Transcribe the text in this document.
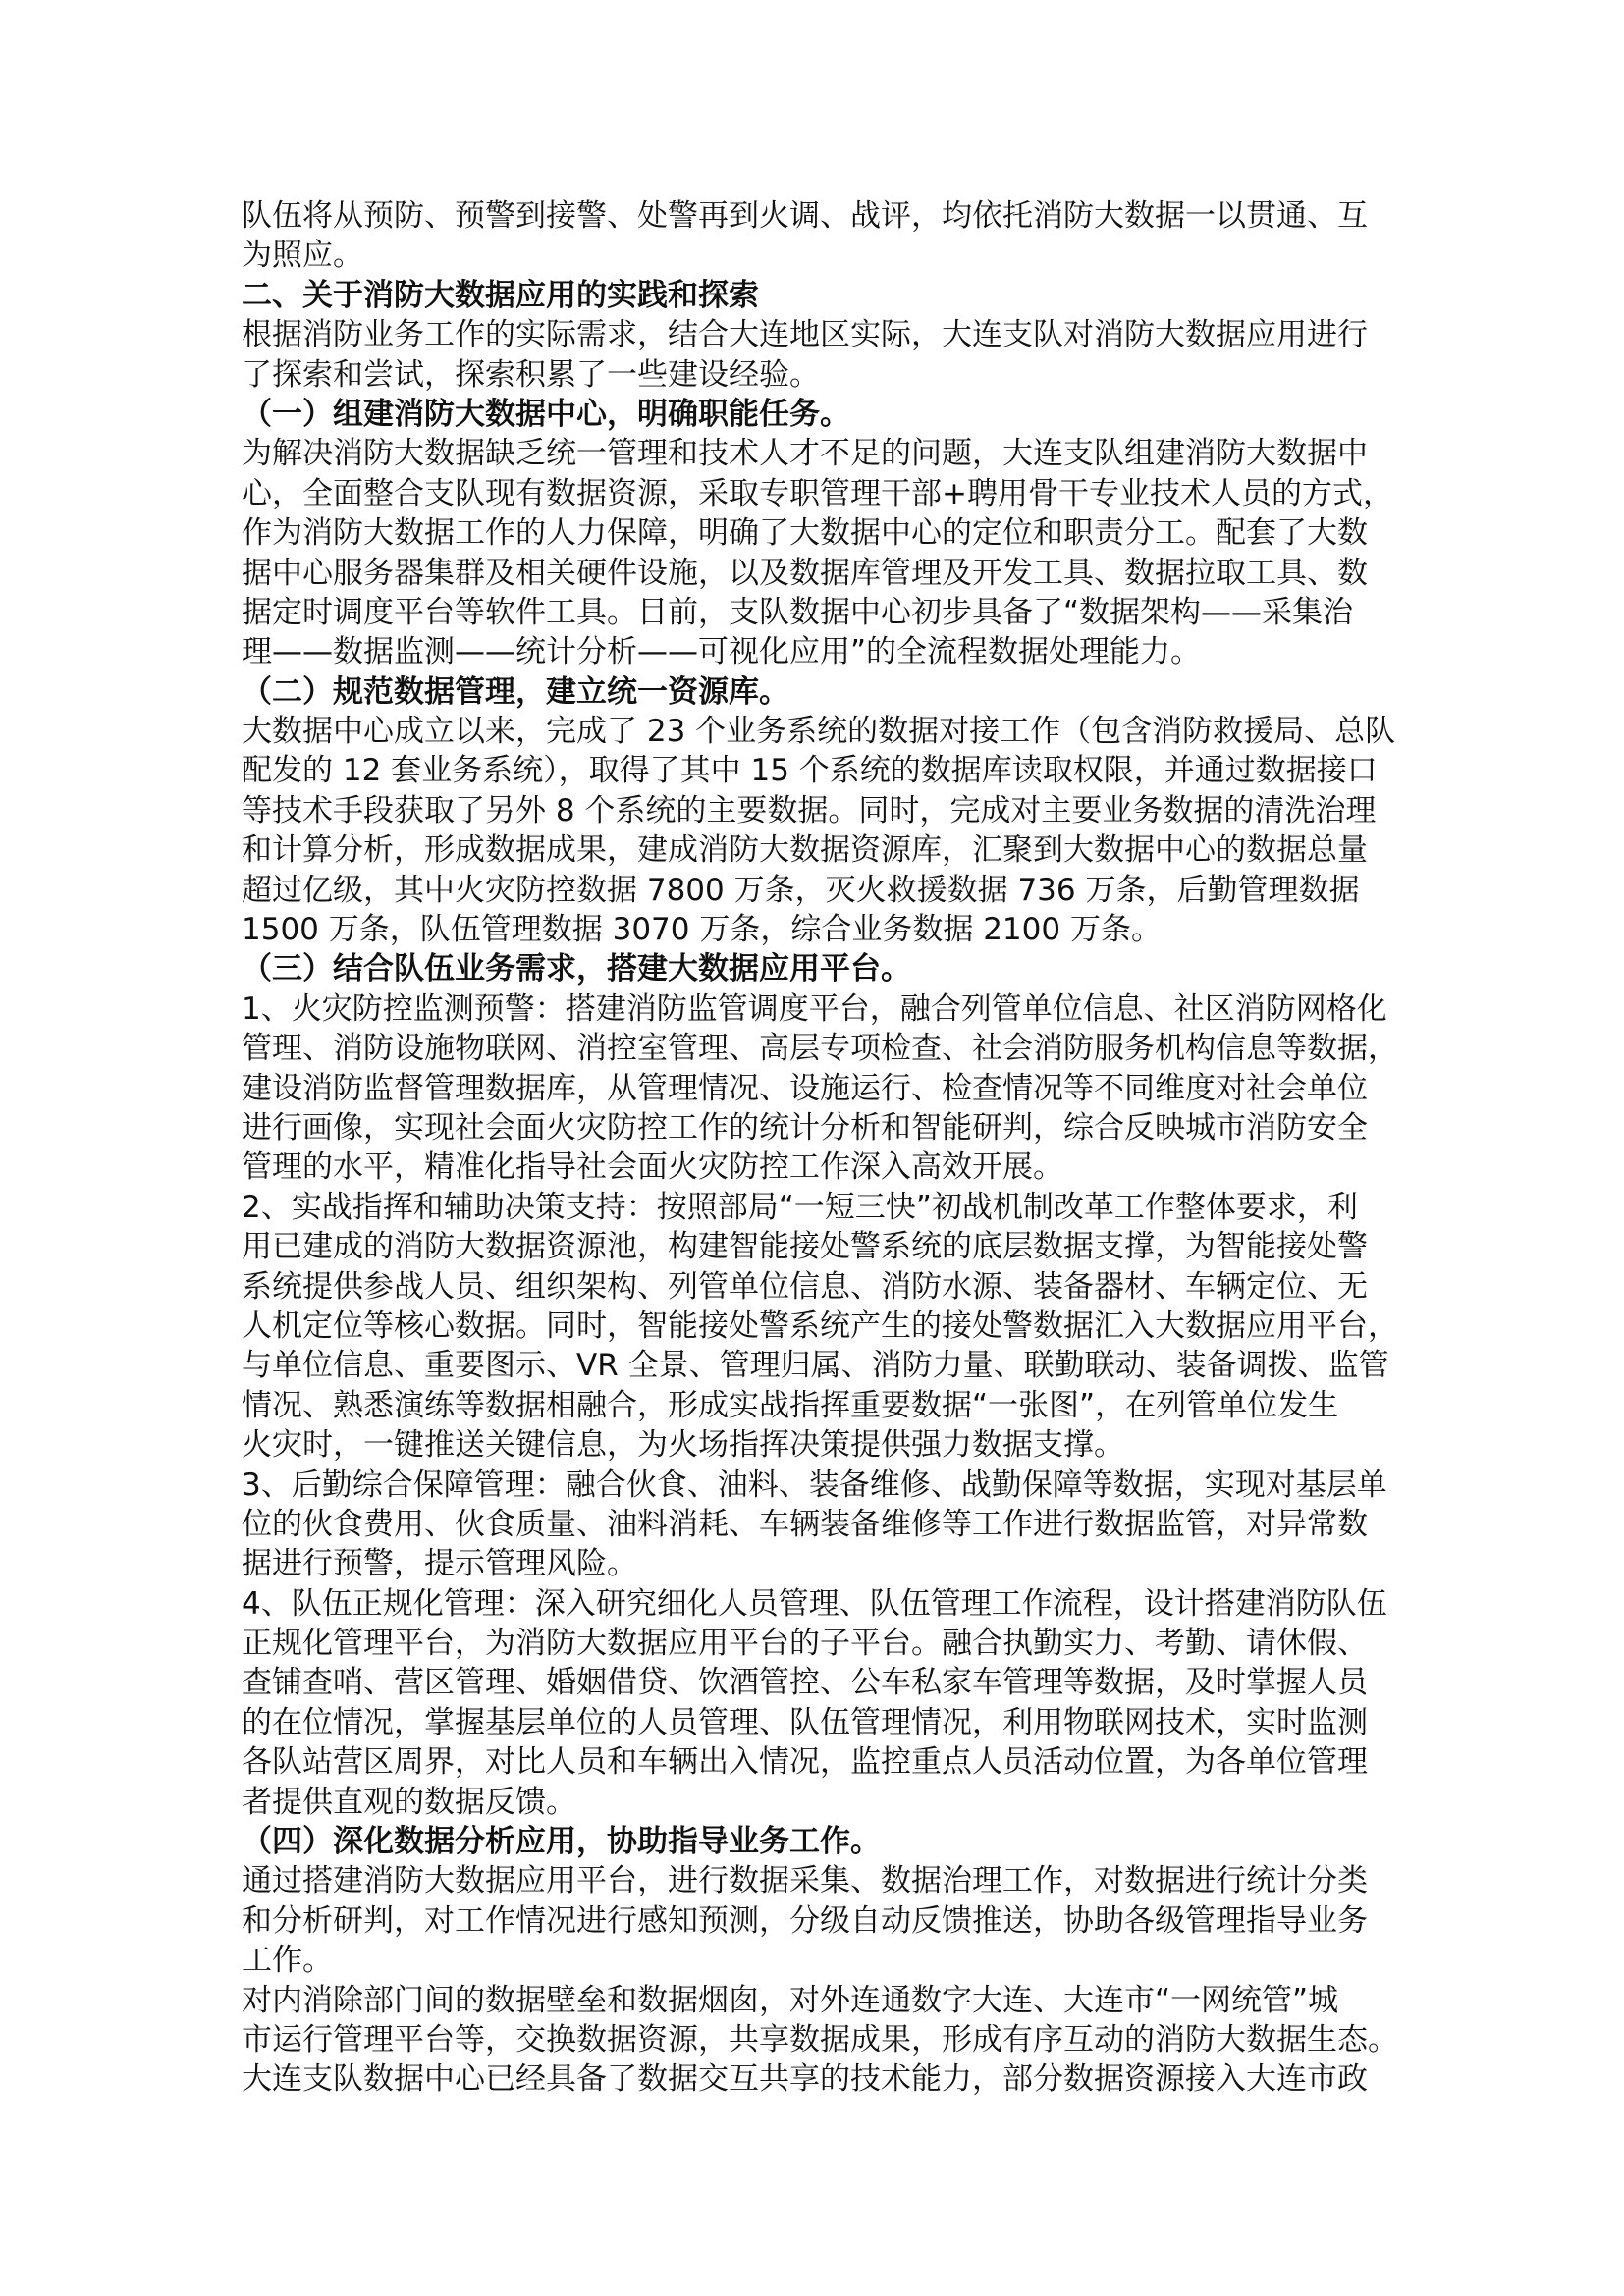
队伍将从预防、预警到接警、处警再到火调、战评，均依托消防大数据一以贯通、互
为照应。
二、关于消防大数据应用的实践和探索
根据消防业务工作的实际需求，结合大连地区实际，大连支队对消防大数据应用进行
了探索和尝试，探索积累了一些建设经验。
（一）组建消防大数据中心，明确职能任务。
为解决消防大数据缺乏统一管理和技术人才不足的问题，大连支队组建消防大数据中
心，全面整合支队现有数据资源，采取专职管理干部+聘用骨干专业技术人员的方式，
作为消防大数据工作的人力保障，明确了大数据中心的定位和职责分工。配套了大数
据中心服务器集群及相关硬件设施，以及数据库管理及开发工具、数据拉取工具、数
据定时调度平台等软件工具。目前，支队数据中心初步具备了“数据架构——采集治
理——数据监测——统计分析——可视化应用”的全流程数据处理能力。
（二）规范数据管理，建立统一资源库。
大数据中心成立以来，完成了 23 个业务系统的数据对接工作（包含消防救援局、总队
配发的 12 套业务系统），取得了其中 15 个系统的数据库读取权限，并通过数据接口
等技术手段获取了另外 8 个系统的主要数据。同时，完成对主要业务数据的清洗治理
和计算分析，形成数据成果，建成消防大数据资源库，汇聚到大数据中心的数据总量
超过亿级，其中火灾防控数据 7800 万条，灭火救援数据 736 万条，后勤管理数据
1500 万条，队伍管理数据 3070 万条，综合业务数据 2100 万条。
（三）结合队伍业务需求，搭建大数据应用平台。
1、火灾防控监测预警：搭建消防监管调度平台，融合列管单位信息、社区消防网格化
管理、消防设施物联网、消控室管理、高层专项检查、社会消防服务机构信息等数据，
建设消防监督管理数据库，从管理情况、设施运行、检查情况等不同维度对社会单位
进行画像，实现社会面火灾防控工作的统计分析和智能研判，综合反映城市消防安全
管理的水平，精准化指导社会面火灾防控工作深入高效开展。
2、实战指挥和辅助决策支持：按照部局“一短三快”初战机制改革工作整体要求，利
用已建成的消防大数据资源池，构建智能接处警系统的底层数据支撑，为智能接处警
系统提供参战人员、组织架构、列管单位信息、消防水源、装备器材、车辆定位、无
人机定位等核心数据。同时，智能接处警系统产生的接处警数据汇入大数据应用平台，
与单位信息、重要图示、VR 全景、管理归属、消防力量、联勤联动、装备调拨、监管
情况、熟悉演练等数据相融合，形成实战指挥重要数据“一张图”，在列管单位发生
火灾时，一键推送关键信息，为火场指挥决策提供强力数据支撑。
3、后勤综合保障管理：融合伙食、油料、装备维修、战勤保障等数据，实现对基层单
位的伙食费用、伙食质量、油料消耗、车辆装备维修等工作进行数据监管，对异常数
据进行预警，提示管理风险。
4、队伍正规化管理：深入研究细化人员管理、队伍管理工作流程，设计搭建消防队伍
正规化管理平台，为消防大数据应用平台的子平台。融合执勤实力、考勤、请休假、
查铺查哨、营区管理、婚姻借贷、饮酒管控、公车私家车管理等数据，及时掌握人员
的在位情况，掌握基层单位的人员管理、队伍管理情况，利用物联网技术，实时监测
各队站营区周界，对比人员和车辆出入情况，监控重点人员活动位置，为各单位管理
者提供直观的数据反馈。
（四）深化数据分析应用，协助指导业务工作。
通过搭建消防大数据应用平台，进行数据采集、数据治理工作，对数据进行统计分类
和分析研判，对工作情况进行感知预测，分级自动反馈推送，协助各级管理指导业务
工作。
对内消除部门间的数据壁垒和数据烟囱，对外连通数字大连、大连市“一网统管”城
市运行管理平台等，交换数据资源，共享数据成果，形成有序互动的消防大数据生态。
大连支队数据中心已经具备了数据交互共享的技术能力，部分数据资源接入大连市政
